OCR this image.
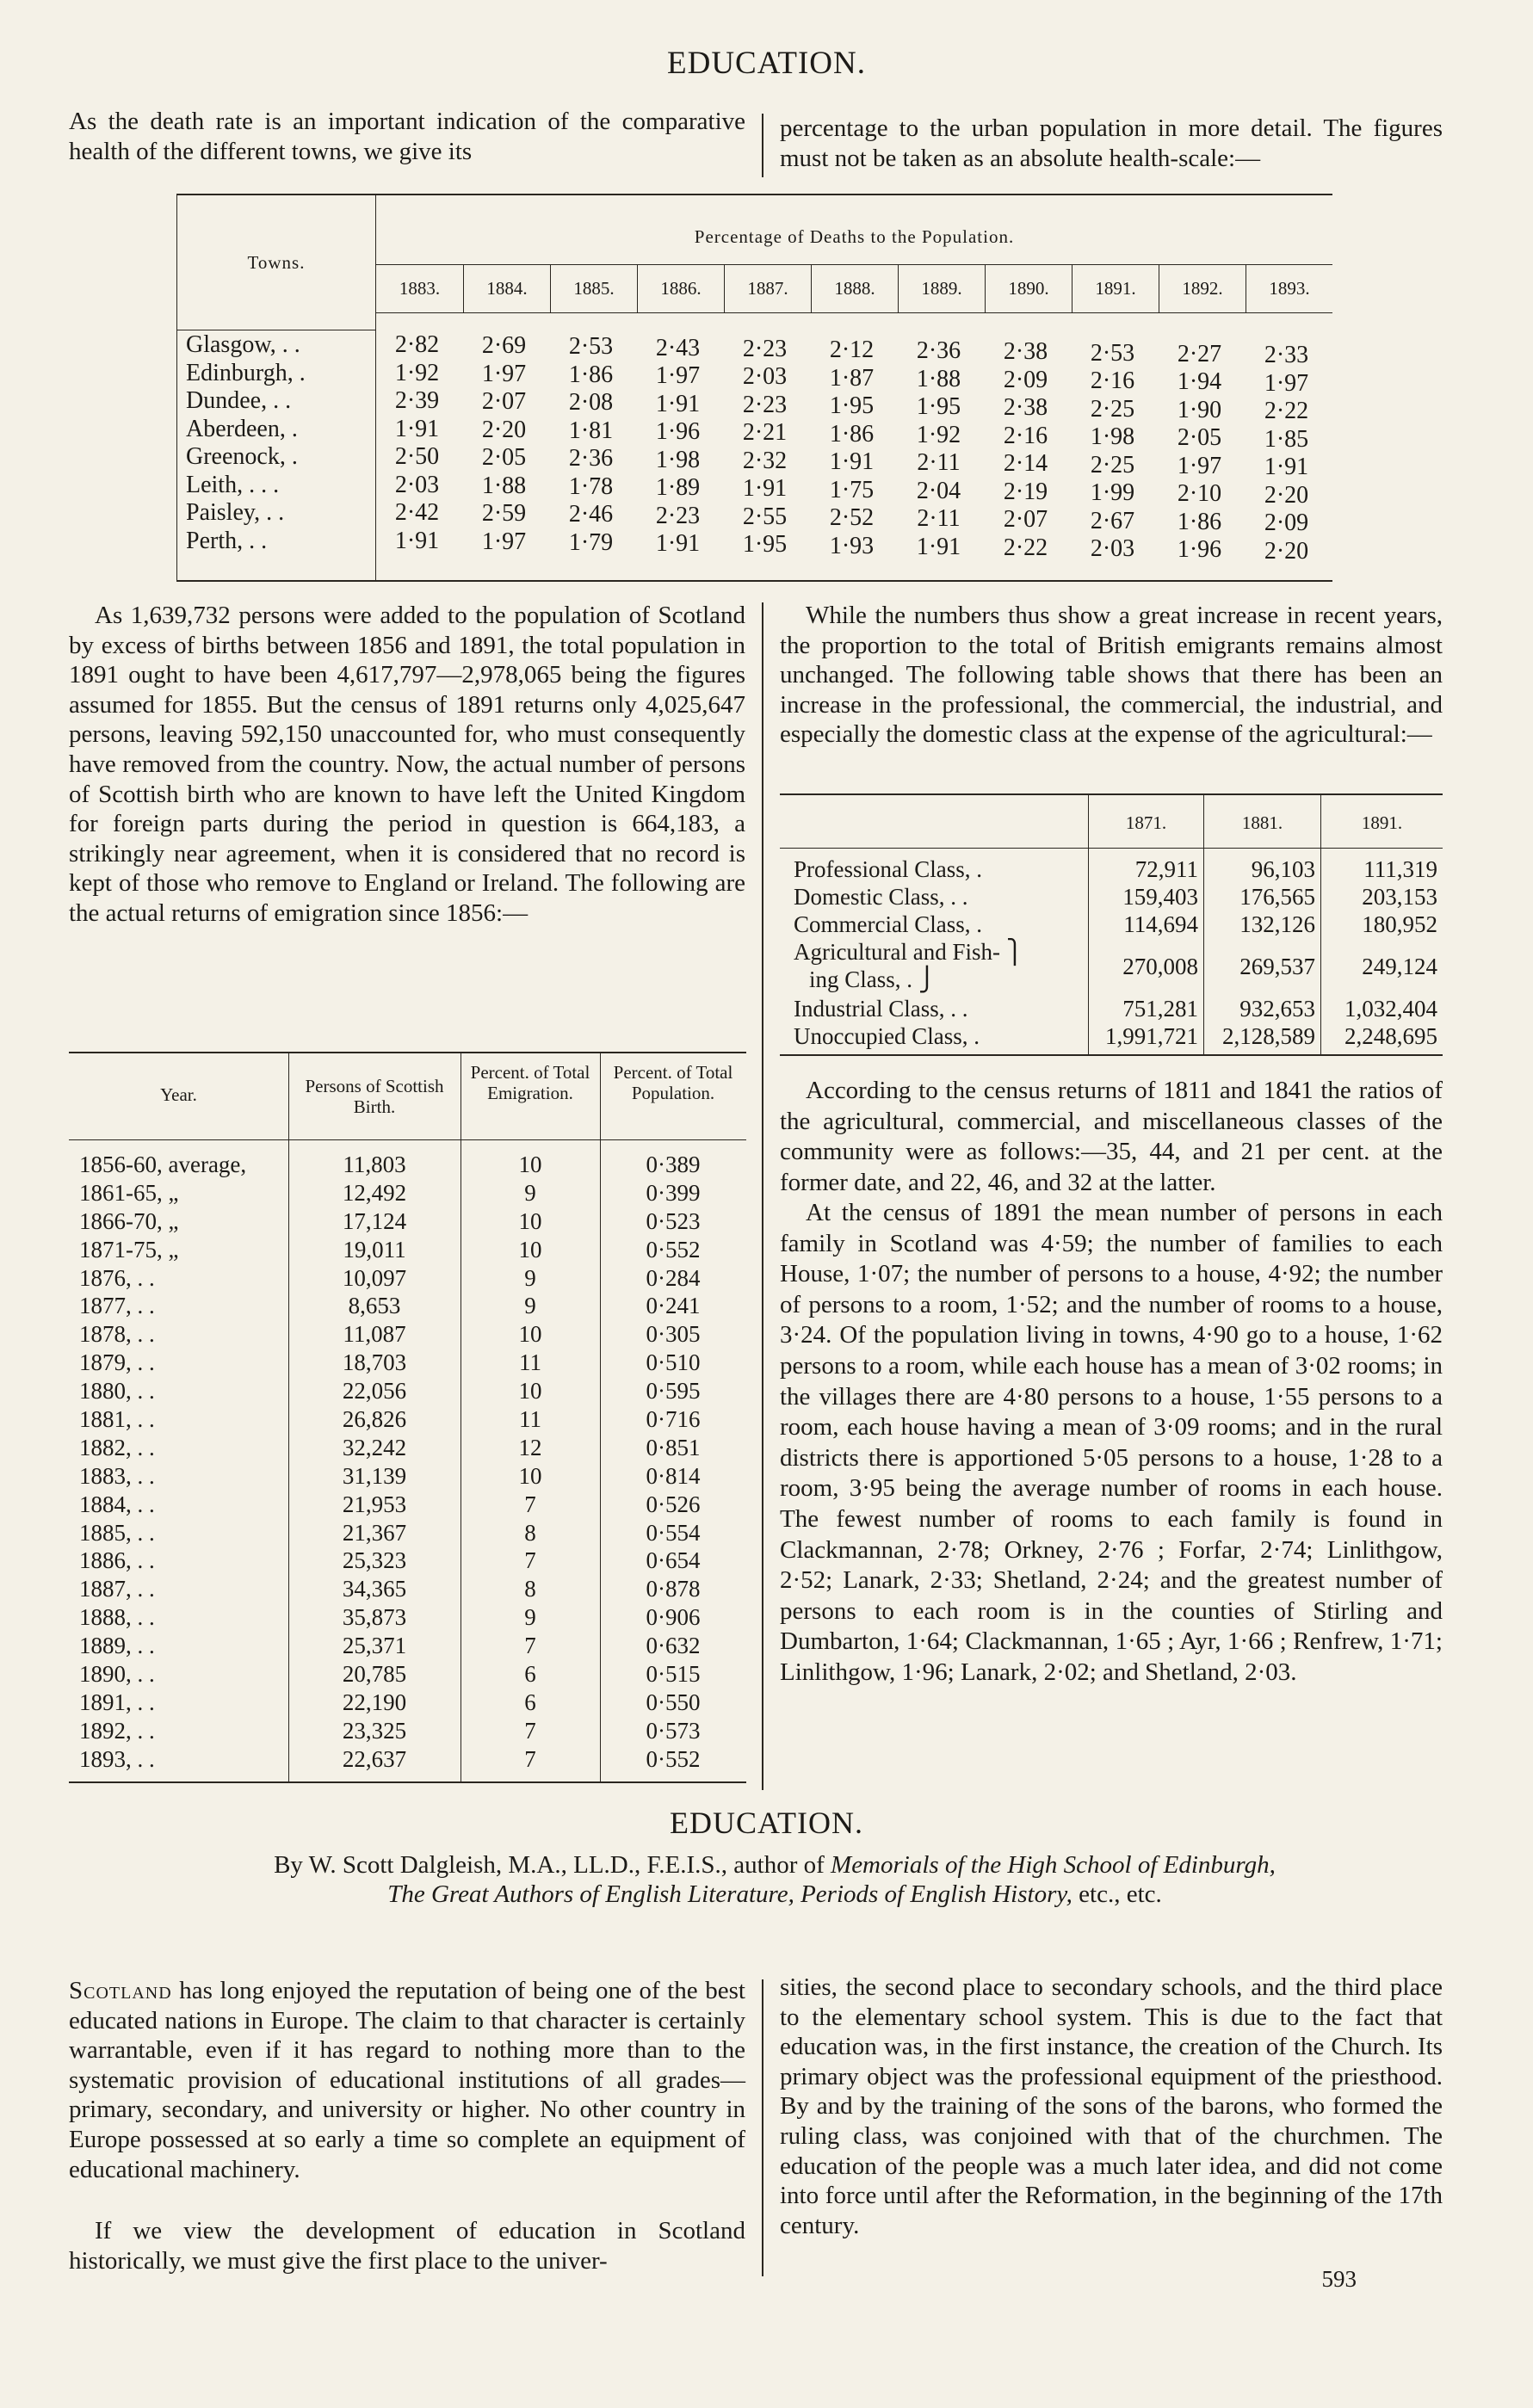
EDUCATION.

As the death rate is an important indication of the comparative health of the different towns, we give its

percentage to the urban population in more detail. The figures must not be taken as an absolute health-scale:—

Towns.
Percentage of Deaths to the Population.
1883.	1884.	1885.	1886.	1887.	1888.	1889.	1890.	1891.	1892.	1893.
Glasgow, . .	2·82	2·69	2·53	2·43	2·23	2·12	2·36	2·38	2·53	2·27	2·33
Edinburgh, .	1·92	1·97	1·86	1·97	2·03	1·87	1·88	2·09	2·16	1·94	1·97
Dundee, . .	2·39	2·07	2·08	1·91	2·23	1·95	1·95	2·38	2·25	1·90	2·22
Aberdeen, .	1·91	2·20	1·81	1·96	2·21	1·86	1·92	2·16	1·98	2·05	1·85
Greenock, .	2·50	2·05	2·36	1·98	2·32	1·91	2·11	2·14	2·25	1·97	1·91
Leith, . . .	2·03	1·88	1·78	1·89	1·91	1·75	2·04	2·19	1·99	2·10	2·20
Paisley, . .	2·42	2·59	2·46	2·23	2·55	2·52	2·11	2·07	2·67	1·86	2·09
Perth, . .	1·91	1·97	1·79	1·91	1·95	1·93	1·91	2·22	2·03	1·96	2·20

As 1,639,732 persons were added to the population of Scotland by excess of births between 1856 and 1891, the total population in 1891 ought to have been 4,617,797—2,978,065 being the figures assumed for 1855. But the census of 1891 returns only 4,025,647 persons, leaving 592,150 unaccounted for, who must consequently have removed from the country. Now, the actual number of persons of Scottish birth who are known to have left the United Kingdom for foreign parts during the period in question is 664,183, a strikingly near agreement, when it is considered that no record is kept of those who remove to England or Ireland. The following are the actual returns of emigration since 1856:—

Year.	Persons of Scottish Birth.
Percent. of Total Emigration.
Percent. of Total Population.
1856-60, average,	11,803	10	0·389
1861-65, „	12,492	9	0·399
1866-70, „	17,124	10	0·523
1871-75, „	19,011	10	0·552
1876, . .	10,097	9	0·284
1877, . .	8,653	9	0·241
1878, . .	11,087	10	0·305
1879, . .	18,703	11	0·510
1880, . .	22,056	10	0·595
1881, . .	26,826	11	0·716
1882, . .	32,242	12	0·851
1883, . .	31,139	10	0·814
1884, . .	21,953	7	0·526
1885, . .	21,367	8	0·554
1886, . .	25,323	7	0·654
1887, . .	34,365	8	0·878
1888, . .	35,873	9	0·906
1889, . .	25,371	7	0·632
1890, . .	20,785	6	0·515
1891, . .	22,190	6	0·550
1892, . .	23,325	7	0·573
1893, . .	22,637	7	0·552

While the numbers thus show a great increase in recent years, the proportion to the total of British emigrants remains almost unchanged. The following table shows that there has been an increase in the professional, the commercial, the industrial, and especially the domestic class at the expense of the agricultural:—

1871.	1881.	1891.
Professional Class, .	72,911	96,103	111,319
Domestic Class, . .	159,403	176,565	203,153
Commercial Class, .	114,694	132,126	180,952
Agricultural and Fish- ⎫
ing Class, . ⎭	270,008	269,537	249,124
Industrial Class, . .	751,281	932,653	1,032,404
Unoccupied Class, .	1,991,721	2,128,589	2,248,695

According to the census returns of 1811 and 1841 the ratios of the agricultural, commercial, and miscellaneous classes of the community were as follows:—35, 44, and 21 per cent. at the former date, and 22, 46, and 32 at the latter.

At the census of 1891 the mean number of persons in each family in Scotland was 4·59; the number of families to each House, 1·07; the number of persons to a house, 4·92; the number of persons to a room, 1·52; and the number of rooms to a house, 3·24. Of the population living in towns, 4·90 go to a house, 1·62 persons to a room, while each house has a mean of 3·02 rooms; in the villages there are 4·80 persons to a house, 1·55 persons to a room, each house having a mean of 3·09 rooms; and in the rural districts there is apportioned 5·05 persons to a house, 1·28 to a room, 3·95 being the average number of rooms in each house. The fewest number of rooms to each family is found in Clackmannan, 2·78; Orkney, 2·76 ; Forfar, 2·74; Linlithgow, 2·52; Lanark, 2·33; Shetland, 2·24; and the greatest number of persons to each room is in the counties of Stirling and Dumbarton, 1·64; Clackmannan, 1·65 ; Ayr, 1·66 ; Renfrew, 1·71; Linlithgow, 1·96; Lanark, 2·02; and Shetland, 2·03.

EDUCATION.
By W. Scott Dalgleish, M.A., LL.D., F.E.I.S., author of Memorials of the High School of Edinburgh,
The Great Authors of English Literature, Periods of English History, etc., etc.

Scotland has long enjoyed the reputation of being one of the best educated nations in Europe. The claim to that character is certainly warrantable, even if it has regard to nothing more than to the systematic provision of educational institutions of all grades—primary, secondary, and university or higher. No other country in Europe possessed at so early a time so complete an equipment of educational machinery.

If we view the development of education in Scotland historically, we must give the first place to the univer-

sities, the second place to secondary schools, and the third place to the elementary school system. This is due to the fact that education was, in the first instance, the creation of the Church. Its primary object was the professional equipment of the priesthood. By and by the training of the sons of the barons, who formed the ruling class, was conjoined with that of the churchmen. The education of the people was a much later idea, and did not come into force until after the Reformation, in the beginning of the 17th century.

593
